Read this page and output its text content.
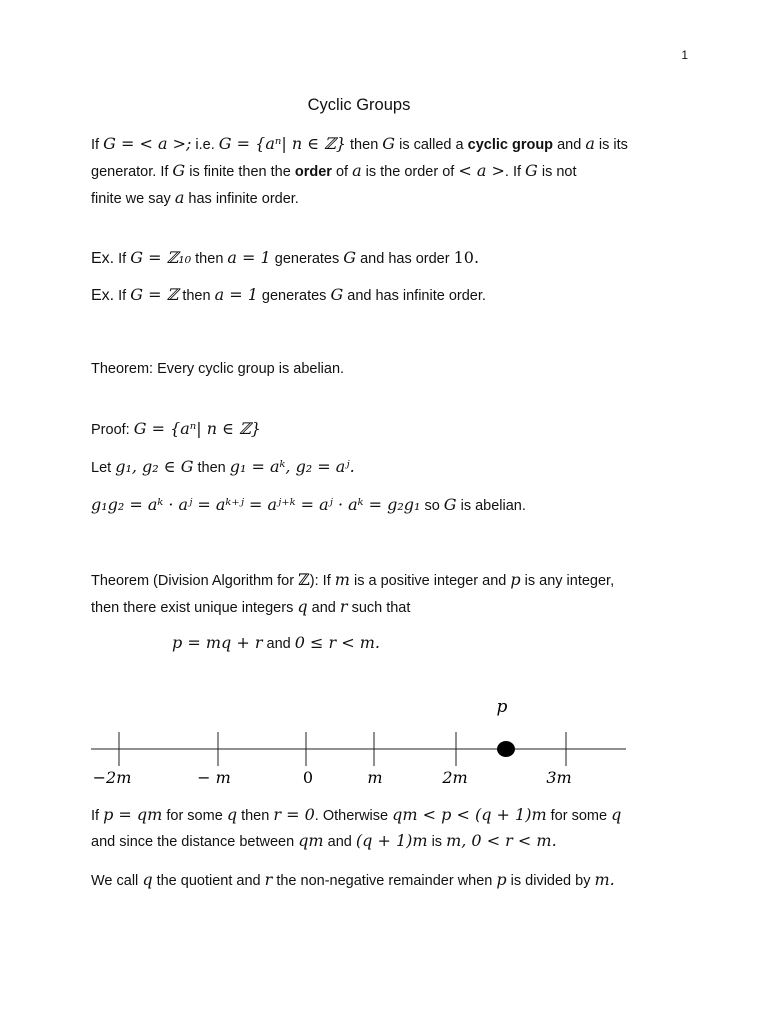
1
Cyclic Groups
If G = < a >; i.e. G = {aⁿ| n ∈ ℤ} then G is called a cyclic group and a is its
generator. If G is finite then the order of a is the order of < a >. If G is not
finite we say a has infinite order.
Ex. If G = ℤ₁₀ then a = 1 generates G and has order 10.
Ex. If G = ℤ then a = 1 generates G and has infinite order.
Theorem: Every cyclic group is abelian.
Proof: G = {aⁿ| n ∈ ℤ}
Let g₁, g₂ ∈ G then g₁ = aᵏ, g₂ = aʲ.
g₁g₂ = aᵏ · aʲ = aᵏ⁺ʲ = aʲ⁺ᵏ = aʲ · aᵏ = g₂g₁ so G is abelian.
Theorem (Division Algorithm for ℤ): If m is a positive integer and p is any integer,
then there exist unique integers q and r such that
p = mq + r and 0 ≤ r < m.
p
−2m	− m	0	m	2m	3m
If p = qm for some q then r = 0. Otherwise qm < p < (q + 1)m for some q
and since the distance between qm and (q + 1)m is m, 0 < r < m.
We call q the quotient and r the non-negative remainder when p is divided by m.
